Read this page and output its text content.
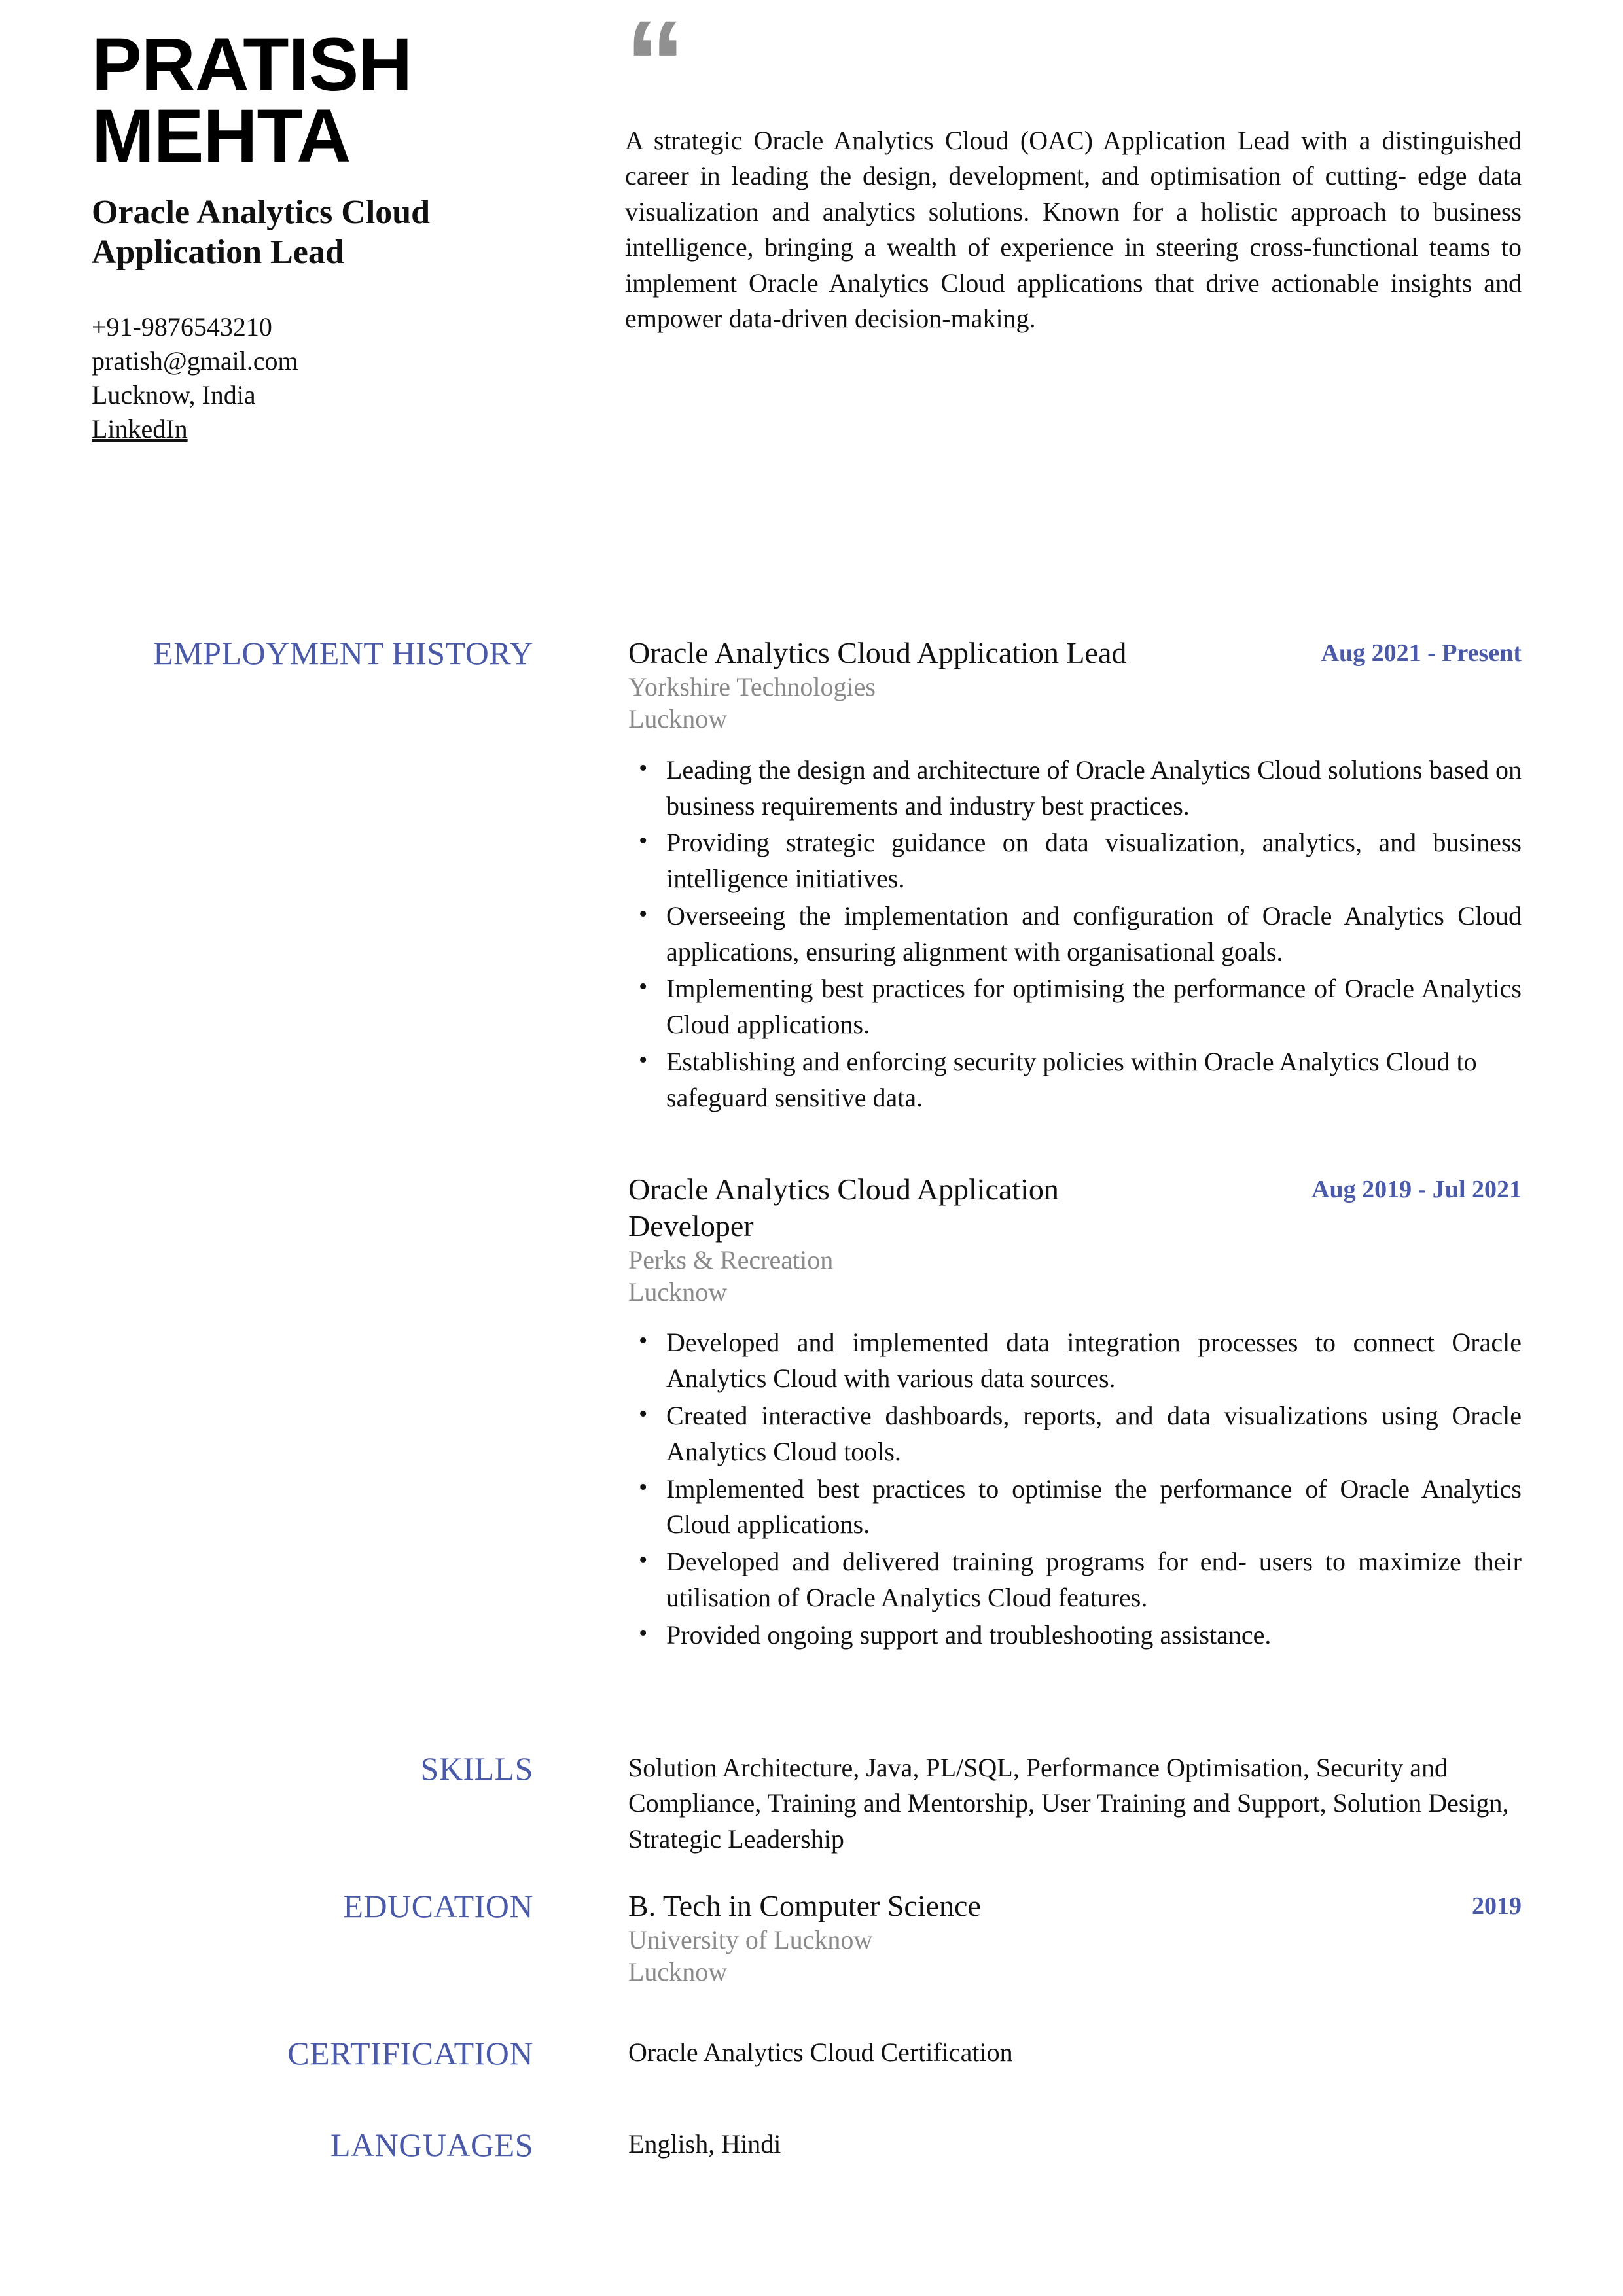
PRATISH MEHTA
Oracle Analytics Cloud Application Lead
+91-9876543210
pratish@gmail.com
Lucknow, India
LinkedIn
“
A strategic Oracle Analytics Cloud (OAC) Application Lead with a distinguished career in leading the design, development, and optimisation of cutting- edge data visualization and analytics solutions. Known for a holistic approach to business intelligence, bringing a wealth of experience in steering cross-functional teams to implement Oracle Analytics Cloud applications that drive actionable insights and empower data-driven decision-making.
EMPLOYMENT HISTORY	Oracle Analytics Cloud Application Lead	Aug 2021 - Present
Yorkshire Technologies
Lucknow
• Leading the design and architecture of Oracle Analytics Cloud solutions based on business requirements and industry best practices.
• Providing strategic guidance on data visualization, analytics, and business intelligence initiatives.
• Overseeing the implementation and configuration of Oracle Analytics Cloud applications, ensuring alignment with organisational goals.
• Implementing best practices for optimising the performance of Oracle Analytics Cloud applications.
• Establishing and enforcing security policies within Oracle Analytics Cloud to safeguard sensitive data.
Oracle Analytics Cloud Application Developer
Aug 2019 - Jul 2021
Perks & Recreation
Lucknow
• Developed and implemented data integration processes to connect Oracle Analytics Cloud with various data sources.
• Created interactive dashboards, reports, and data visualizations using Oracle Analytics Cloud tools.
• Implemented best practices to optimise the performance of Oracle Analytics Cloud applications.
• Developed and delivered training programs for end- users to maximize their utilisation of Oracle Analytics Cloud features.
• Provided ongoing support and troubleshooting assistance.
SKILLS	Solution Architecture, Java, PL/SQL, Performance Optimisation, Security and Compliance, Training and Mentorship, User Training and Support, Solution Design, Strategic Leadership
EDUCATION	B. Tech in Computer Science	2019
University of Lucknow
Lucknow
CERTIFICATION	Oracle Analytics Cloud Certification
LANGUAGES	English, Hindi
